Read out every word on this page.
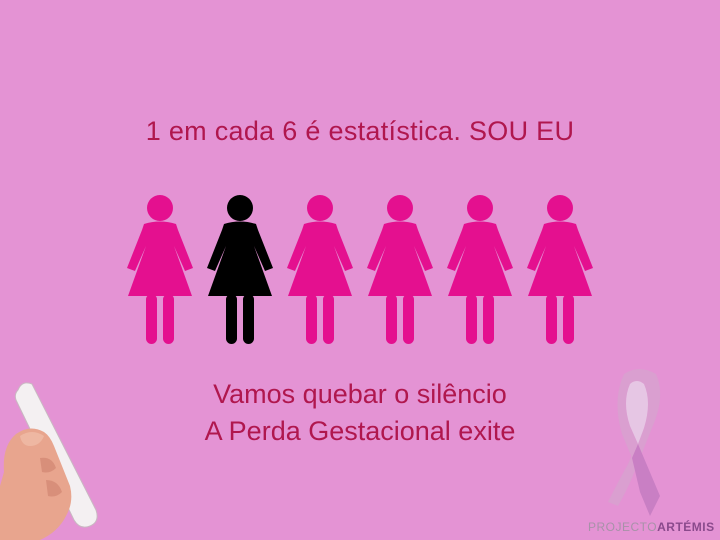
1 em cada 6 é estatística. SOU EU
Vamos quebar o silêncio
A Perda Gestacional exite
PROJECTOARTÉMIS
